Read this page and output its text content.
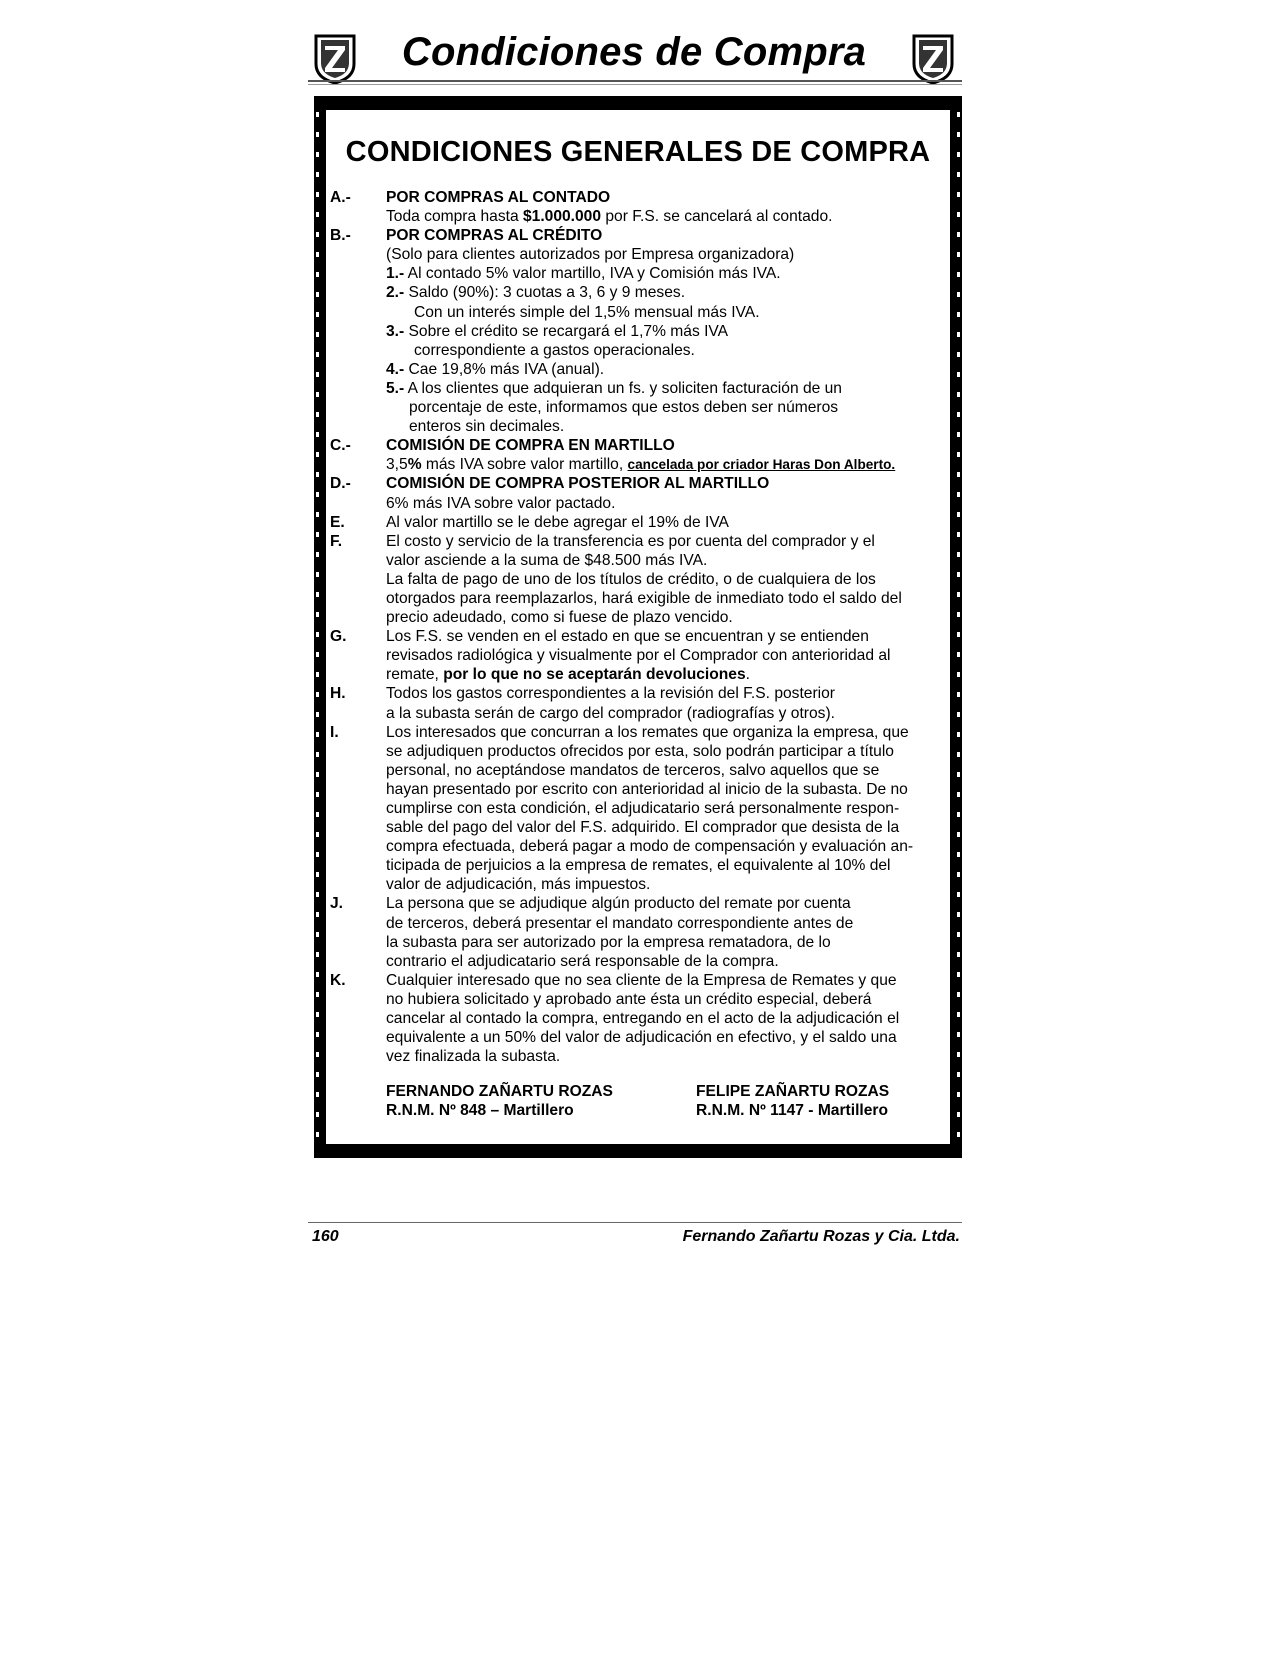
Condiciones de Compra
CONDICIONES GENERALES DE COMPRA
A.-	POR COMPRAS AL CONTADO
Toda compra hasta $1.000.000 por F.S. se cancelará al contado.
B.-	POR COMPRAS AL CRÉDITO
(Solo para clientes autorizados por Empresa organizadora)
1.- Al contado 5% valor martillo, IVA y Comisión más IVA.
2.- Saldo (90%): 3 cuotas a 3, 6 y 9 meses.
Con un interés simple del 1,5% mensual más IVA.
3.- Sobre el crédito se recargará el 1,7% más IVA
correspondiente a gastos operacionales.
4.- Cae 19,8% más IVA (anual).
5.- A los clientes que adquieran un fs. y soliciten facturación de un
porcentaje de este, informamos que estos deben ser números
enteros sin decimales.
C.-	COMISIÓN DE COMPRA EN MARTILLO
3,5% más IVA sobre valor martillo, cancelada por criador Haras Don Alberto.
D.-	COMISIÓN DE COMPRA POSTERIOR AL MARTILLO
6% más IVA sobre valor pactado.
E.	Al valor martillo se le debe agregar el 19% de IVA
F.	El costo y servicio de la transferencia es por cuenta del comprador y el
valor asciende a la suma de $48.500 más IVA.
La falta de pago de uno de los títulos de crédito, o de cualquiera de los
otorgados para reemplazarlos, hará exigible de inmediato todo el saldo del
precio adeudado, como si fuese de plazo vencido.
G.	Los F.S. se venden en el estado en que se encuentran y se entienden
revisados radiológica y visualmente por el Comprador con anterioridad al
remate, por lo que no se aceptarán devoluciones.
H.	Todos los gastos correspondientes a la revisión del F.S. posterior
a la subasta serán de cargo del comprador (radiografías y otros).
I.	Los interesados que concurran a los remates que organiza la empresa, que
se adjudiquen productos ofrecidos por esta, solo podrán participar a título
personal, no aceptándose mandatos de terceros, salvo aquellos que se
hayan presentado por escrito con anterioridad al inicio de la subasta. De no
cumplirse con esta condición, el adjudicatario será personalmente respon-
sable del pago del valor del F.S. adquirido. El comprador que desista de la
compra efectuada, deberá pagar a modo de compensación y evaluación an-
ticipada de perjuicios a la empresa de remates, el equivalente al 10% del
valor de adjudicación, más impuestos.
J.	La persona que se adjudique algún producto del remate por cuenta
de terceros, deberá presentar el mandato correspondiente antes de
la subasta para ser autorizado por la empresa rematadora, de lo
contrario el adjudicatario será responsable de la compra.
K.	Cualquier interesado que no sea cliente de la Empresa de Remates y que
no hubiera solicitado y aprobado ante ésta un crédito especial, deberá
cancelar al contado la compra, entregando en el acto de la adjudicación el
equivalente a un 50% del valor de adjudicación en efectivo, y el saldo una
vez finalizada la subasta.
FERNANDO ZAÑARTU ROZAS
R.N.M. Nº 848 – Martillero
FELIPE ZAÑARTU ROZAS
R.N.M. Nº 1147 - Martillero
160	Fernando Zañartu Rozas y Cia. Ltda.
